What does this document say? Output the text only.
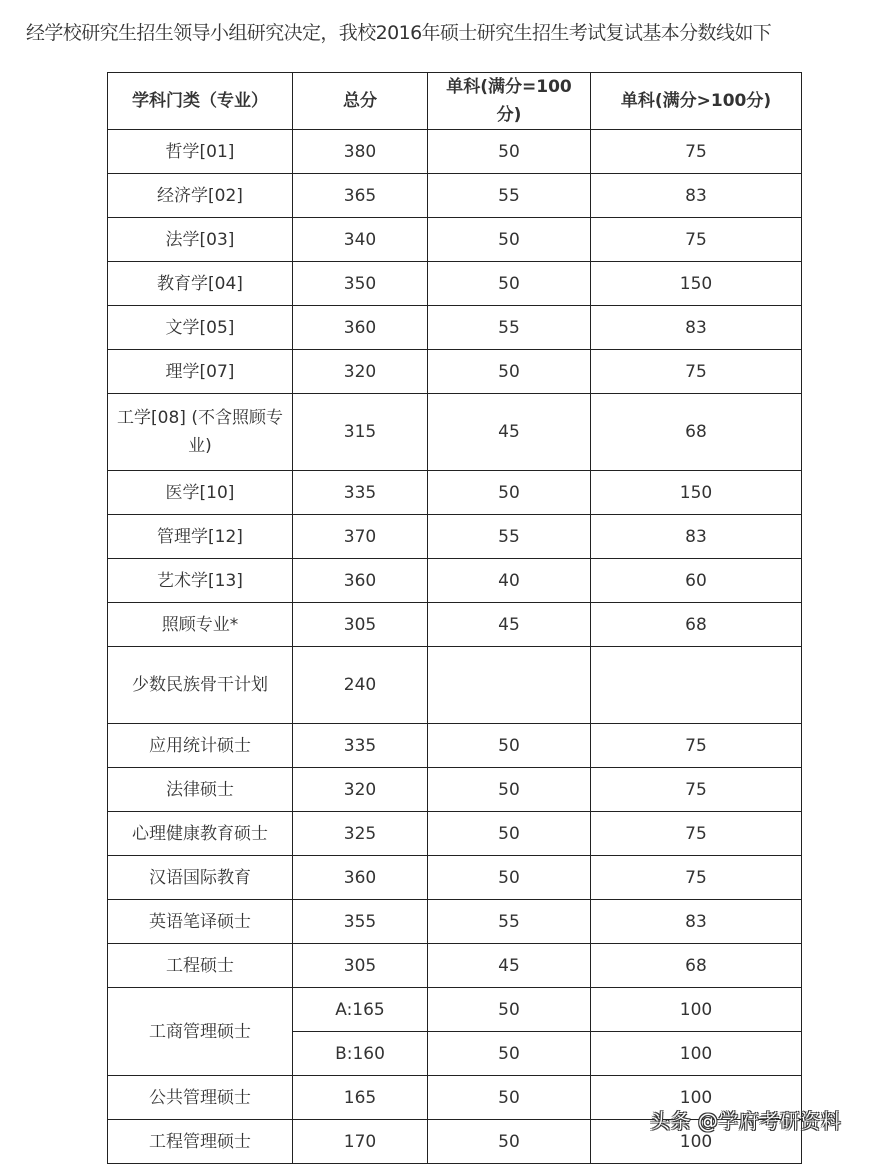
经学校研究生招生领导小组研究决定，我校2016年硕士研究生招生考试复试基本分数线如下
学科门类（专业）	总分	单科(满分=100分)	单科(满分>100分)
哲学[01]	380	50	75
经济学[02]	365	55	83
法学[03]	340	50	75
教育学[04]	350	50	150
文学[05]	360	55	83
理学[07]	320	50	75
工学[08] (不含照顾专业)	315	45	68
医学[10]	335	50	150
管理学[12]	370	55	83
艺术学[13]	360	40	60
照顾专业*	305	45	68
少数民族骨干计划	240		
应用统计硕士	335	50	75
法律硕士	320	50	75
心理健康教育硕士	325	50	75
汉语国际教育	360	50	75
英语笔译硕士	355	55	83
工程硕士	305	45	68
工商管理硕士	A:165	50	100
	B:160	50	100
公共管理硕士	165	50	100
工程管理硕士	170	50	100
头条 @学府考研资料
